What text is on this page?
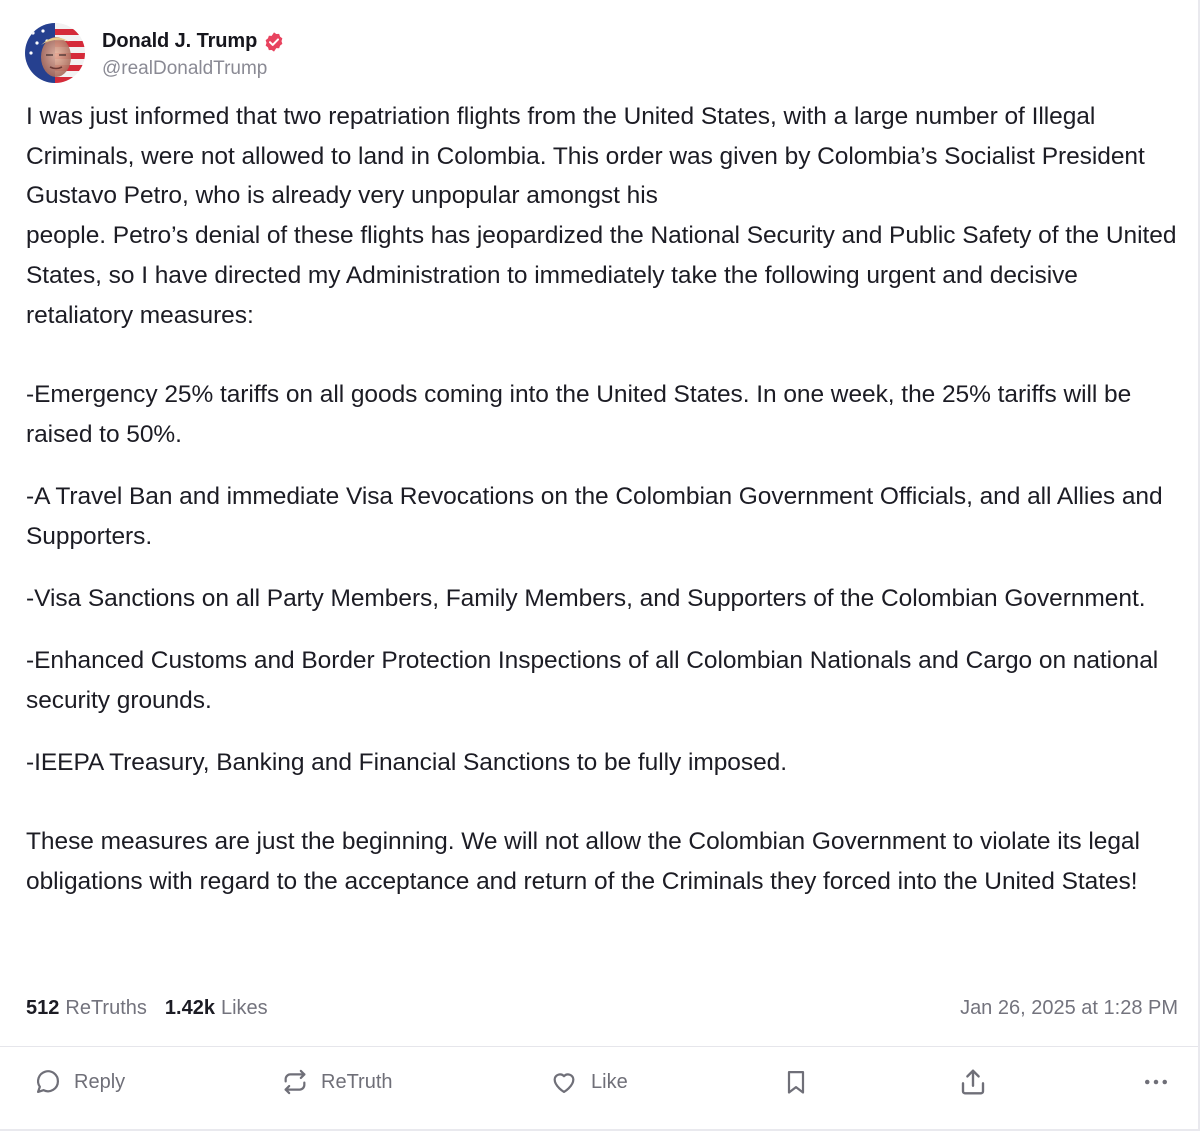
Donald J. Trump
@realDonaldTrump

I was just informed that two repatriation flights from the United States, with a large number of Illegal Criminals, were not allowed to land in Colombia. This order was given by Colombia’s Socialist President Gustavo Petro, who is already very unpopular amongst his

people. Petro’s denial of these flights has jeopardized the National Security and Public Safety of the United States, so I have directed my Administration to immediately take the following urgent and decisive retaliatory measures:

-Emergency 25% tariffs on all goods coming into the United States. In one week, the 25% tariffs will be raised to 50%.

-A Travel Ban and immediate Visa Revocations on the Colombian Government Officials, and all Allies and Supporters.

-Visa Sanctions on all Party Members, Family Members, and Supporters of the Colombian Government.

-Enhanced Customs and Border Protection Inspections of all Colombian Nationals and Cargo on national security grounds.

-IEEPA Treasury, Banking and Financial Sanctions to be fully imposed.

These measures are just the beginning. We will not allow the Colombian Government to violate its legal obligations with regard to the acceptance and return of the Criminals they forced into the United States!

512 ReTruths 1.42k Likes	Jan 26, 2025 at 1:28 PM
Reply	ReTruth	Like
